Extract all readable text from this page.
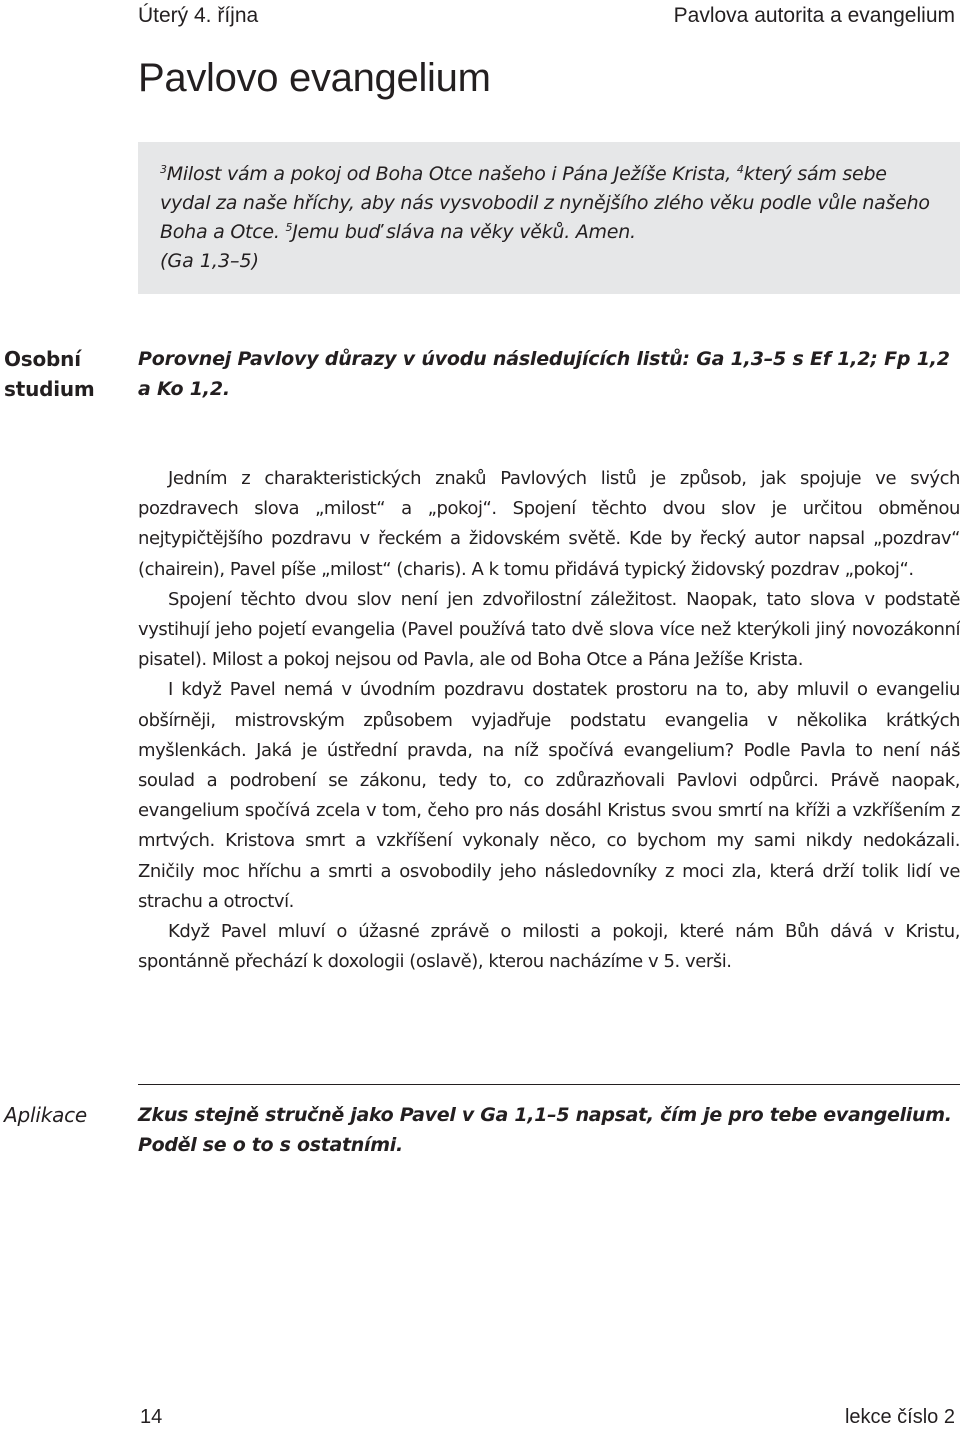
Úterý 4. října	Pavlova autorita a evangelium
Pavlovo evangelium

$^3$Milost vám a pokoj od Boha Otce našeho i Pána Ježíše Krista, $^4$který sám sebe vydal za naše hříchy, aby nás vysvobodil z nynějšího zlého věku podle vůle našeho Boha a Otce. $^5$Jemu buď sláva na věky věků. Amen.

(Ga 1,3–5)

Osobní
studium

Porovnej Pavlovy důrazy v úvodu následujících listů: Ga 1,3–5 s Ef 1,2; Fp 1,2 a Ko 1,2.

Jedním z charakteristických znaků Pavlových listů je způsob, jak spojuje ve svých pozdravech slova „milost“ a „pokoj“. Spojení těchto dvou slov je určitou obměnou nejtypičtějšího pozdravu v řeckém a židovském světě. Kde by řecký autor napsal „pozdrav“ (chairein), Pavel píše „milost“ (charis). A k tomu přidává typický židovský pozdrav „pokoj“.

Spojení těchto dvou slov není jen zdvořilostní záležitost. Naopak, tato slova v podstatě vystihují jeho pojetí evangelia (Pavel používá tato dvě slova více než kterýkoli jiný novozákonní pisatel). Milost a pokoj nejsou od Pavla, ale od Boha Otce a Pána Ježíše Krista.

I když Pavel nemá v úvodním pozdravu dostatek prostoru na to, aby mluvil o evangeliu obšírněji, mistrovským způsobem vyjadřuje podstatu evangelia v několika krátkých myšlenkách. Jaká je ústřední pravda, na níž spočívá evangelium? Podle Pavla to není náš soulad a podrobení se zákonu, tedy to, co zdůrazňovali Pavlovi odpůrci. Právě naopak, evangelium spočívá zcela v tom, čeho pro nás dosáhl Kristus svou smrtí na kříži a vzkříšením z mrtvých. Kristova smrt a vzkříšení vykonaly něco, co bychom my sami nikdy nedokázali. Zničily moc hříchu a smrti a osvobodily jeho následovníky z moci zla, která drží tolik lidí ve strachu a otroctví.

Když Pavel mluví o úžasné zprávě o milosti a pokoji, které nám Bůh dává v Kristu, spontánně přechází k doxologii (oslavě), kterou nacházíme v 5. verši.

Aplikace	Zkus stejně stručně jako Pavel v Ga 1,1–5 napsat, čím je pro tebe evangelium. Poděl se o to s ostatními.

14	lekce číslo 2
